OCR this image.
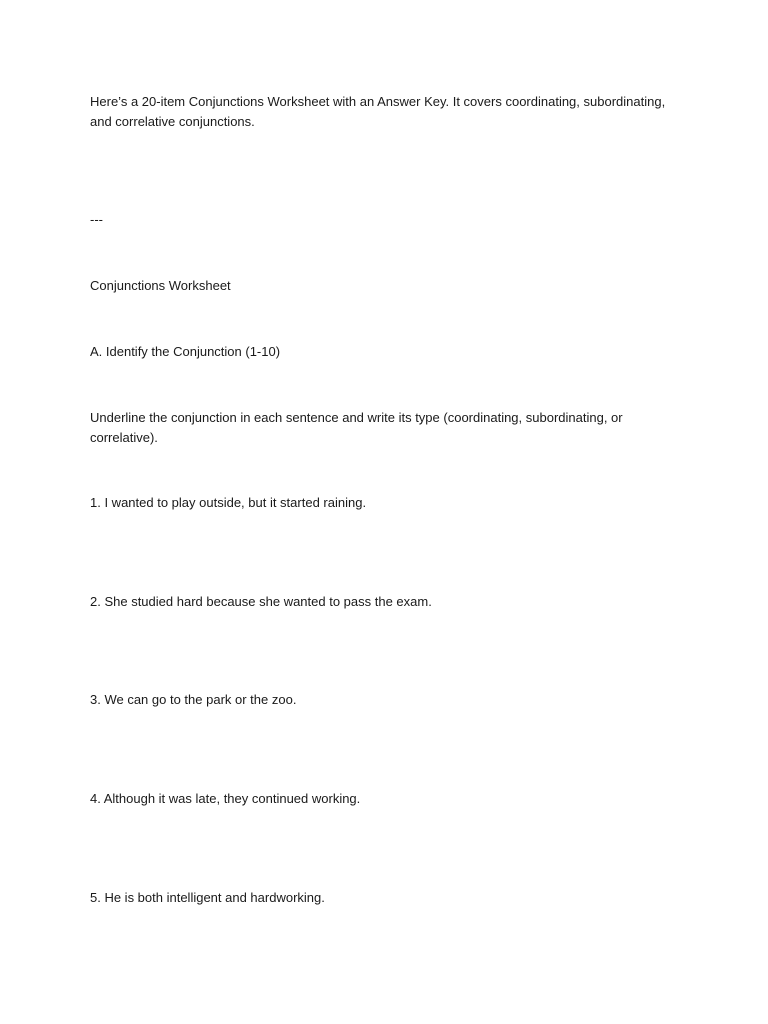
Here’s a 20-item Conjunctions Worksheet with an Answer Key. It covers coordinating, subordinating, and correlative conjunctions.

---

Conjunctions Worksheet

A. Identify the Conjunction (1-10)

Underline the conjunction in each sentence and write its type (coordinating, subordinating, or correlative).

1. I wanted to play outside, but it started raining.

2. She studied hard because she wanted to pass the exam.

3. We can go to the park or the zoo.

4. Although it was late, they continued working.

5. He is both intelligent and hardworking.
